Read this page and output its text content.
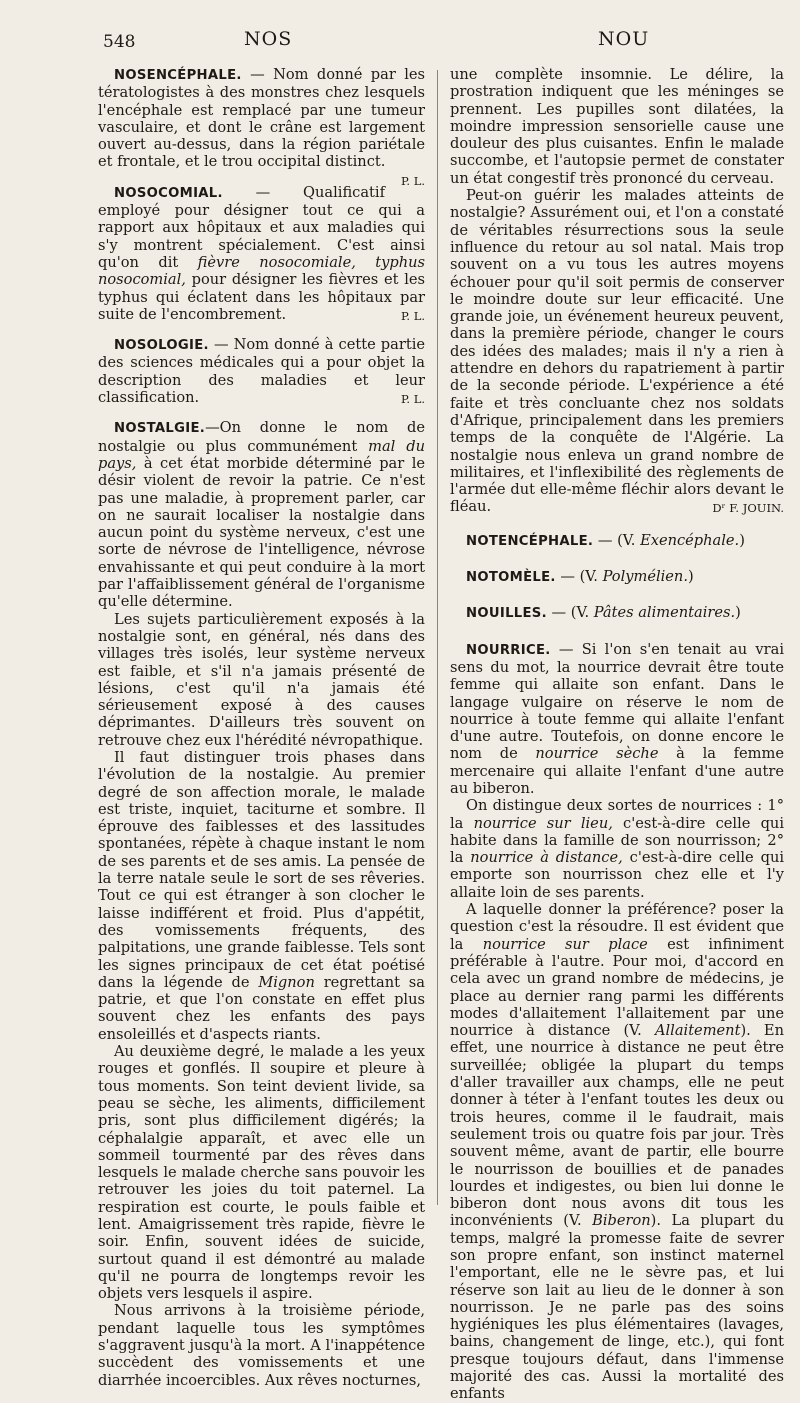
548	NOS	NOU

NOSENCÉPHALE. — Nom donné par les tératologistes à des monstres chez lesquels l'encéphale est remplacé par une tumeur vasculaire, et dont le crâne est largement ouvert au-dessus, dans la région pariétale et frontale, et le trou occipital distinct.
P. L.

NOSOCOMIAL. — Qualificatif employé pour désigner tout ce qui a rapport aux hôpitaux et aux maladies qui s'y montrent spécialement. C'est ainsi qu'on dit fièvre nosocomiale, typhus nosocomial, pour désigner les fièvres et les typhus qui éclatent dans les hôpitaux par suite de l'encombrement.	P. L.

NOSOLOGIE. — Nom donné à cette partie des sciences médicales qui a pour objet la description des maladies et leur classification.	P. L.

NOSTALGIE.—On donne le nom de nostalgie ou plus communément mal du pays, à cet état morbide déterminé par le désir violent de revoir la patrie. Ce n'est pas une maladie, à proprement parler, car on ne saurait localiser la nostalgie dans aucun point du système nerveux, c'est une sorte de névrose de l'intelligence, névrose envahissante et qui peut conduire à la mort par l'affaiblissement général de l'organisme qu'elle détermine.

Les sujets particulièrement exposés à la nostalgie sont, en général, nés dans des villages très isolés, leur système nerveux est faible, et s'il n'a jamais présenté de lésions, c'est qu'il n'a jamais été sérieusement exposé à des causes déprimantes. D'ailleurs très souvent on retrouve chez eux l'hérédité névropathique.

Il faut distinguer trois phases dans l'évolution de la nostalgie. Au premier degré de son affection morale, le malade est triste, inquiet, taciturne et sombre. Il éprouve des faiblesses et des lassitudes spontanées, répète à chaque instant le nom de ses parents et de ses amis. La pensée de la terre natale seule le sort de ses rêveries. Tout ce qui est étranger à son clocher le laisse indifférent et froid. Plus d'appétit, des vomissements fréquents, des palpitations, une grande faiblesse. Tels sont les signes principaux de cet état poétisé dans la légende de Mignon regrettant sa patrie, et que l'on constate en effet plus souvent chez les enfants des pays ensoleillés et d'aspects riants.

Au deuxième degré, le malade a les yeux rouges et gonflés. Il soupire et pleure à tous moments. Son teint devient livide, sa peau se sèche, les aliments, difficilement pris, sont plus difficilement digérés; la céphalalgie apparaît, et avec elle un sommeil tourmenté par des rêves dans lesquels le malade cherche sans pouvoir les retrouver les joies du toit paternel. La respiration est courte, le pouls faible et lent. Amaigrissement très rapide, fièvre le soir. Enfin, souvent idées de suicide, surtout quand il est démontré au malade qu'il ne pourra de longtemps revoir les objets vers lesquels il aspire.

Nous arrivons à la troisième période, pendant laquelle tous les symptômes s'aggravent jusqu'à la mort. A l'inappétence succèdent des vomissements et une diarrhée incoercibles. Aux rêves nocturnes,

une complète insomnie. Le délire, la prostration indiquent que les méninges se prennent. Les pupilles sont dilatées, la moindre impression sensorielle cause une douleur des plus cuisantes. Enfin le malade succombe, et l'autopsie permet de constater un état congestif très prononcé du cerveau.

Peut-on guérir les malades atteints de nostalgie? Assurément oui, et l'on a constaté de véritables résurrections sous la seule influence du retour au sol natal. Mais trop souvent on a vu tous les autres moyens échouer pour qu'il soit permis de conserver le moindre doute sur leur efficacité. Une grande joie, un événement heureux peuvent, dans la première période, changer le cours des idées des malades; mais il n'y a rien à attendre en dehors du rapatriement à partir de la seconde période. L'expérience a été faite et très concluante chez nos soldats d'Afrique, principalement dans les premiers temps de la conquête de l'Algérie. La nostalgie nous enleva un grand nombre de militaires, et l'inflexibilité des règlements de l'armée dut elle-même fléchir alors devant le fléau.	Dʳ F. JOUIN.

NOTENCÉPHALE. — (V. Exencéphale.)

NOTOMÈLE. — (V. Polymélien.)

NOUILLES. — (V. Pâtes alimentaires.)

NOURRICE. — Si l'on s'en tenait au vrai sens du mot, la nourrice devrait être toute femme qui allaite son enfant. Dans le langage vulgaire on réserve le nom de nourrice à toute femme qui allaite l'enfant d'une autre. Toutefois, on donne encore le nom de nourrice sèche à la femme mercenaire qui allaite l'enfant d'une autre au biberon.

On distingue deux sortes de nourrices : 1° la nourrice sur lieu, c'est-à-dire celle qui habite dans la famille de son nourrisson; 2° la nourrice à distance, c'est-à-dire celle qui emporte son nourrisson chez elle et l'y allaite loin de ses parents.

A laquelle donner la préférence? poser la question c'est la résoudre. Il est évident que la nourrice sur place est infiniment préférable à l'autre. Pour moi, d'accord en cela avec un grand nombre de médecins, je place au dernier rang parmi les différents modes d'allaitement l'allaitement par une nourrice à distance (V. Allaitement). En effet, une nourrice à distance ne peut être surveillée; obligée la plupart du temps d'aller travailler aux champs, elle ne peut donner à téter à l'enfant toutes les deux ou trois heures, comme il le faudrait, mais seulement trois ou quatre fois par jour. Très souvent même, avant de partir, elle bourre le nourrisson de bouillies et de panades lourdes et indigestes, ou bien lui donne le biberon dont nous avons dit tous les inconvénients (V. Biberon). La plupart du temps, malgré la promesse faite de sevrer son propre enfant, son instinct maternel l'emportant, elle ne le sèvre pas, et lui réserve son lait au lieu de le donner à son nourrisson. Je ne parle pas des soins hygiéniques les plus élémentaires (lavages, bains, changement de linge, etc.), qui font presque toujours défaut, dans l'immense majorité des cas. Aussi la mortalité des enfants
